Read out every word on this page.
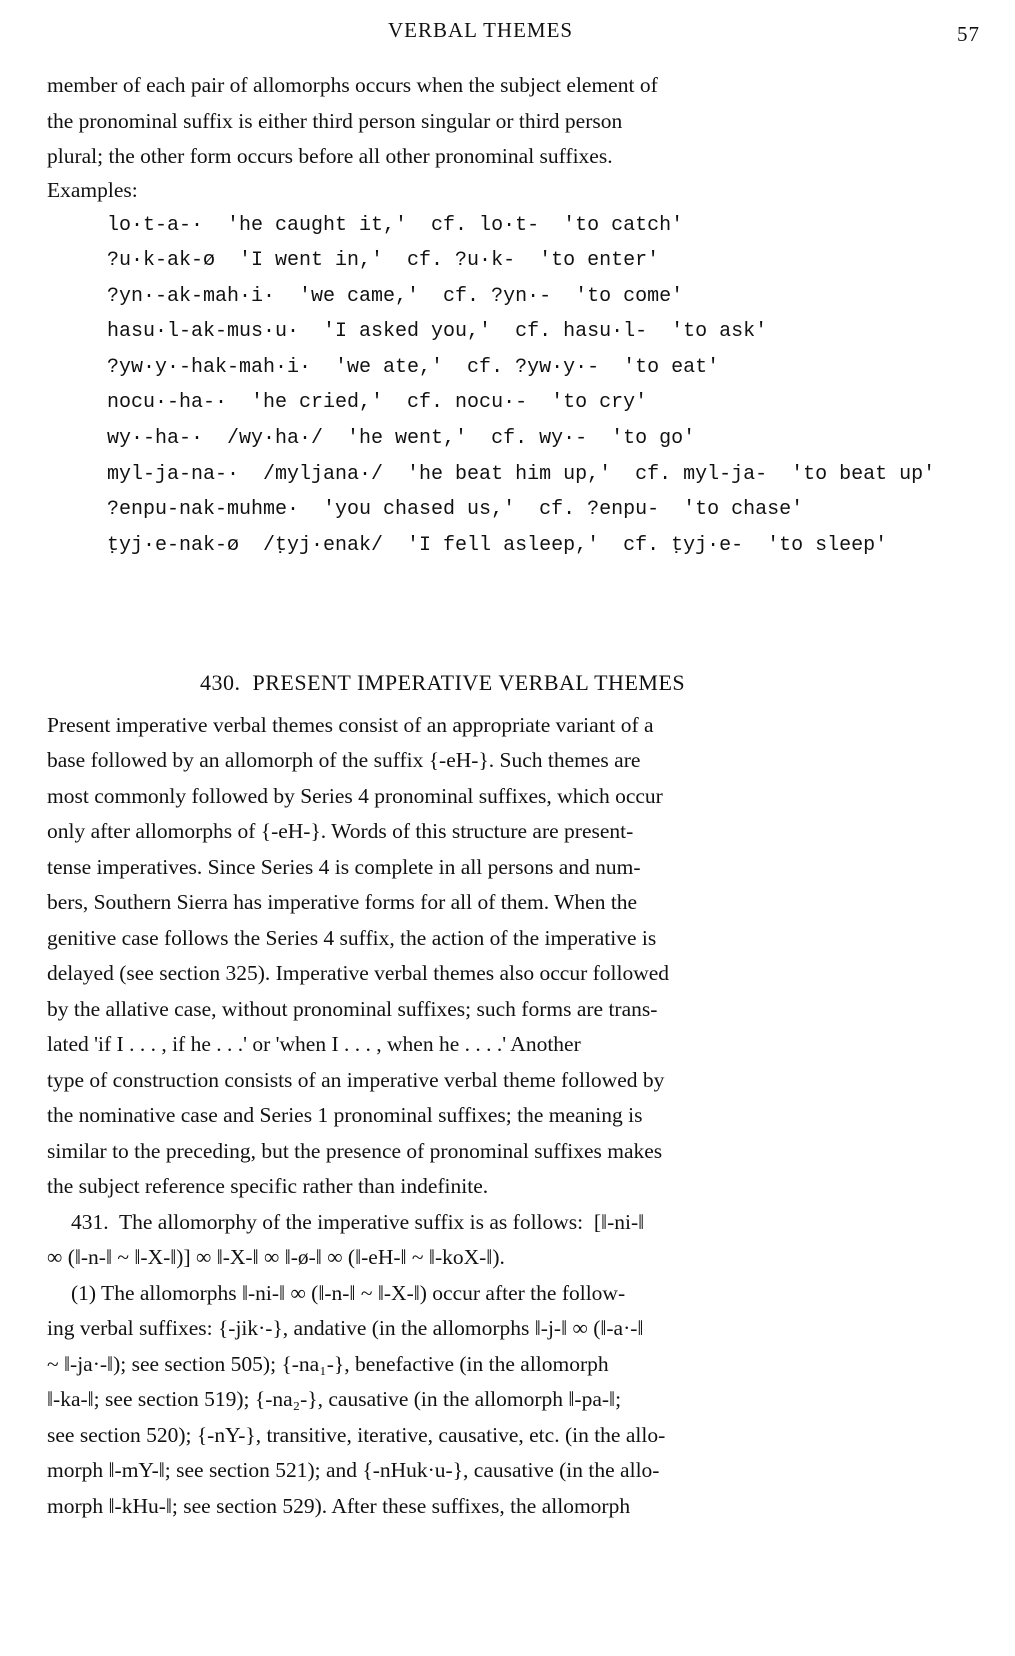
VERBAL THEMES	57
member of each pair of allomorphs occurs when the subject element of
the pronominal suffix is either third person singular or third person
plural; the other form occurs before all other pronominal suffixes.
Examples:
lo·t-a-·  'he caught it,'  cf. lo·t-  'to catch'
?u·k-ak-ø  'I went in,'  cf. ?u·k-  'to enter'
?yn·-ak-mah·i·  'we came,'  cf. ?yn·-  'to come'
hasu·l-ak-mus·u·  'I asked you,'  cf. hasu·l-  'to ask'
?yw·y·-hak-mah·i·  'we ate,'  cf. ?yw·y·-  'to eat'
nocu·-ha-·  'he cried,'  cf. nocu·-  'to cry'
wy·-ha-·  /wy·ha·/  'he went,'  cf. wy·-  'to go'
myl-ja-na-·  /myljana·/  'he beat him up,'  cf. myl-ja-  'to beat up'
?enpu-nak-muhme·  'you chased us,'  cf. ?enpu-  'to chase'
ṭyj·e-nak-ø  /ṭyj·enak/  'I fell asleep,'  cf. ṭyj·e-  'to sleep'
430.  PRESENT IMPERATIVE VERBAL THEMES
Present imperative verbal themes consist of an appropriate variant of a
base followed by an allomorph of the suffix {-eH-}. Such themes are
most commonly followed by Series 4 pronominal suffixes, which occur
only after allomorphs of {-eH-}. Words of this structure are present-
tense imperatives. Since Series 4 is complete in all persons and num-
bers, Southern Sierra has imperative forms for all of them. When the
genitive case follows the Series 4 suffix, the action of the imperative is
delayed (see section 325). Imperative verbal themes also occur followed
by the allative case, without pronominal suffixes; such forms are trans-
lated 'if I . . . , if he . . .' or 'when I . . . , when he . . . .' Another
type of construction consists of an imperative verbal theme followed by
the nominative case and Series 1 pronominal suffixes; the meaning is
similar to the preceding, but the presence of pronominal suffixes makes
the subject reference specific rather than indefinite.
431.  The allomorphy of the imperative suffix is as follows:  [‖-ni-‖
∞ (‖-n-‖ ~ ‖-X-‖)] ∞ ‖-X-‖ ∞ ‖-ø-‖ ∞ (‖-eH-‖ ~ ‖-koX-‖).
(1) The allomorphs ‖-ni-‖ ∞ (‖-n-‖ ~ ‖-X-‖) occur after the follow-
ing verbal suffixes: {-jik·-}, andative (in the allomorphs ‖-j-‖ ∞ (‖-a·-‖
~ ‖-ja·-‖); see section 505); {-na₁-}, benefactive (in the allomorph
‖-ka-‖; see section 519); {-na₂-}, causative (in the allomorph ‖-pa-‖;
see section 520); {-nY-}, transitive, iterative, causative, etc. (in the allo-
morph ‖-mY-‖; see section 521); and {-nHuk·u-}, causative (in the allo-
morph ‖-kHu-‖; see section 529). After these suffixes, the allomorph
